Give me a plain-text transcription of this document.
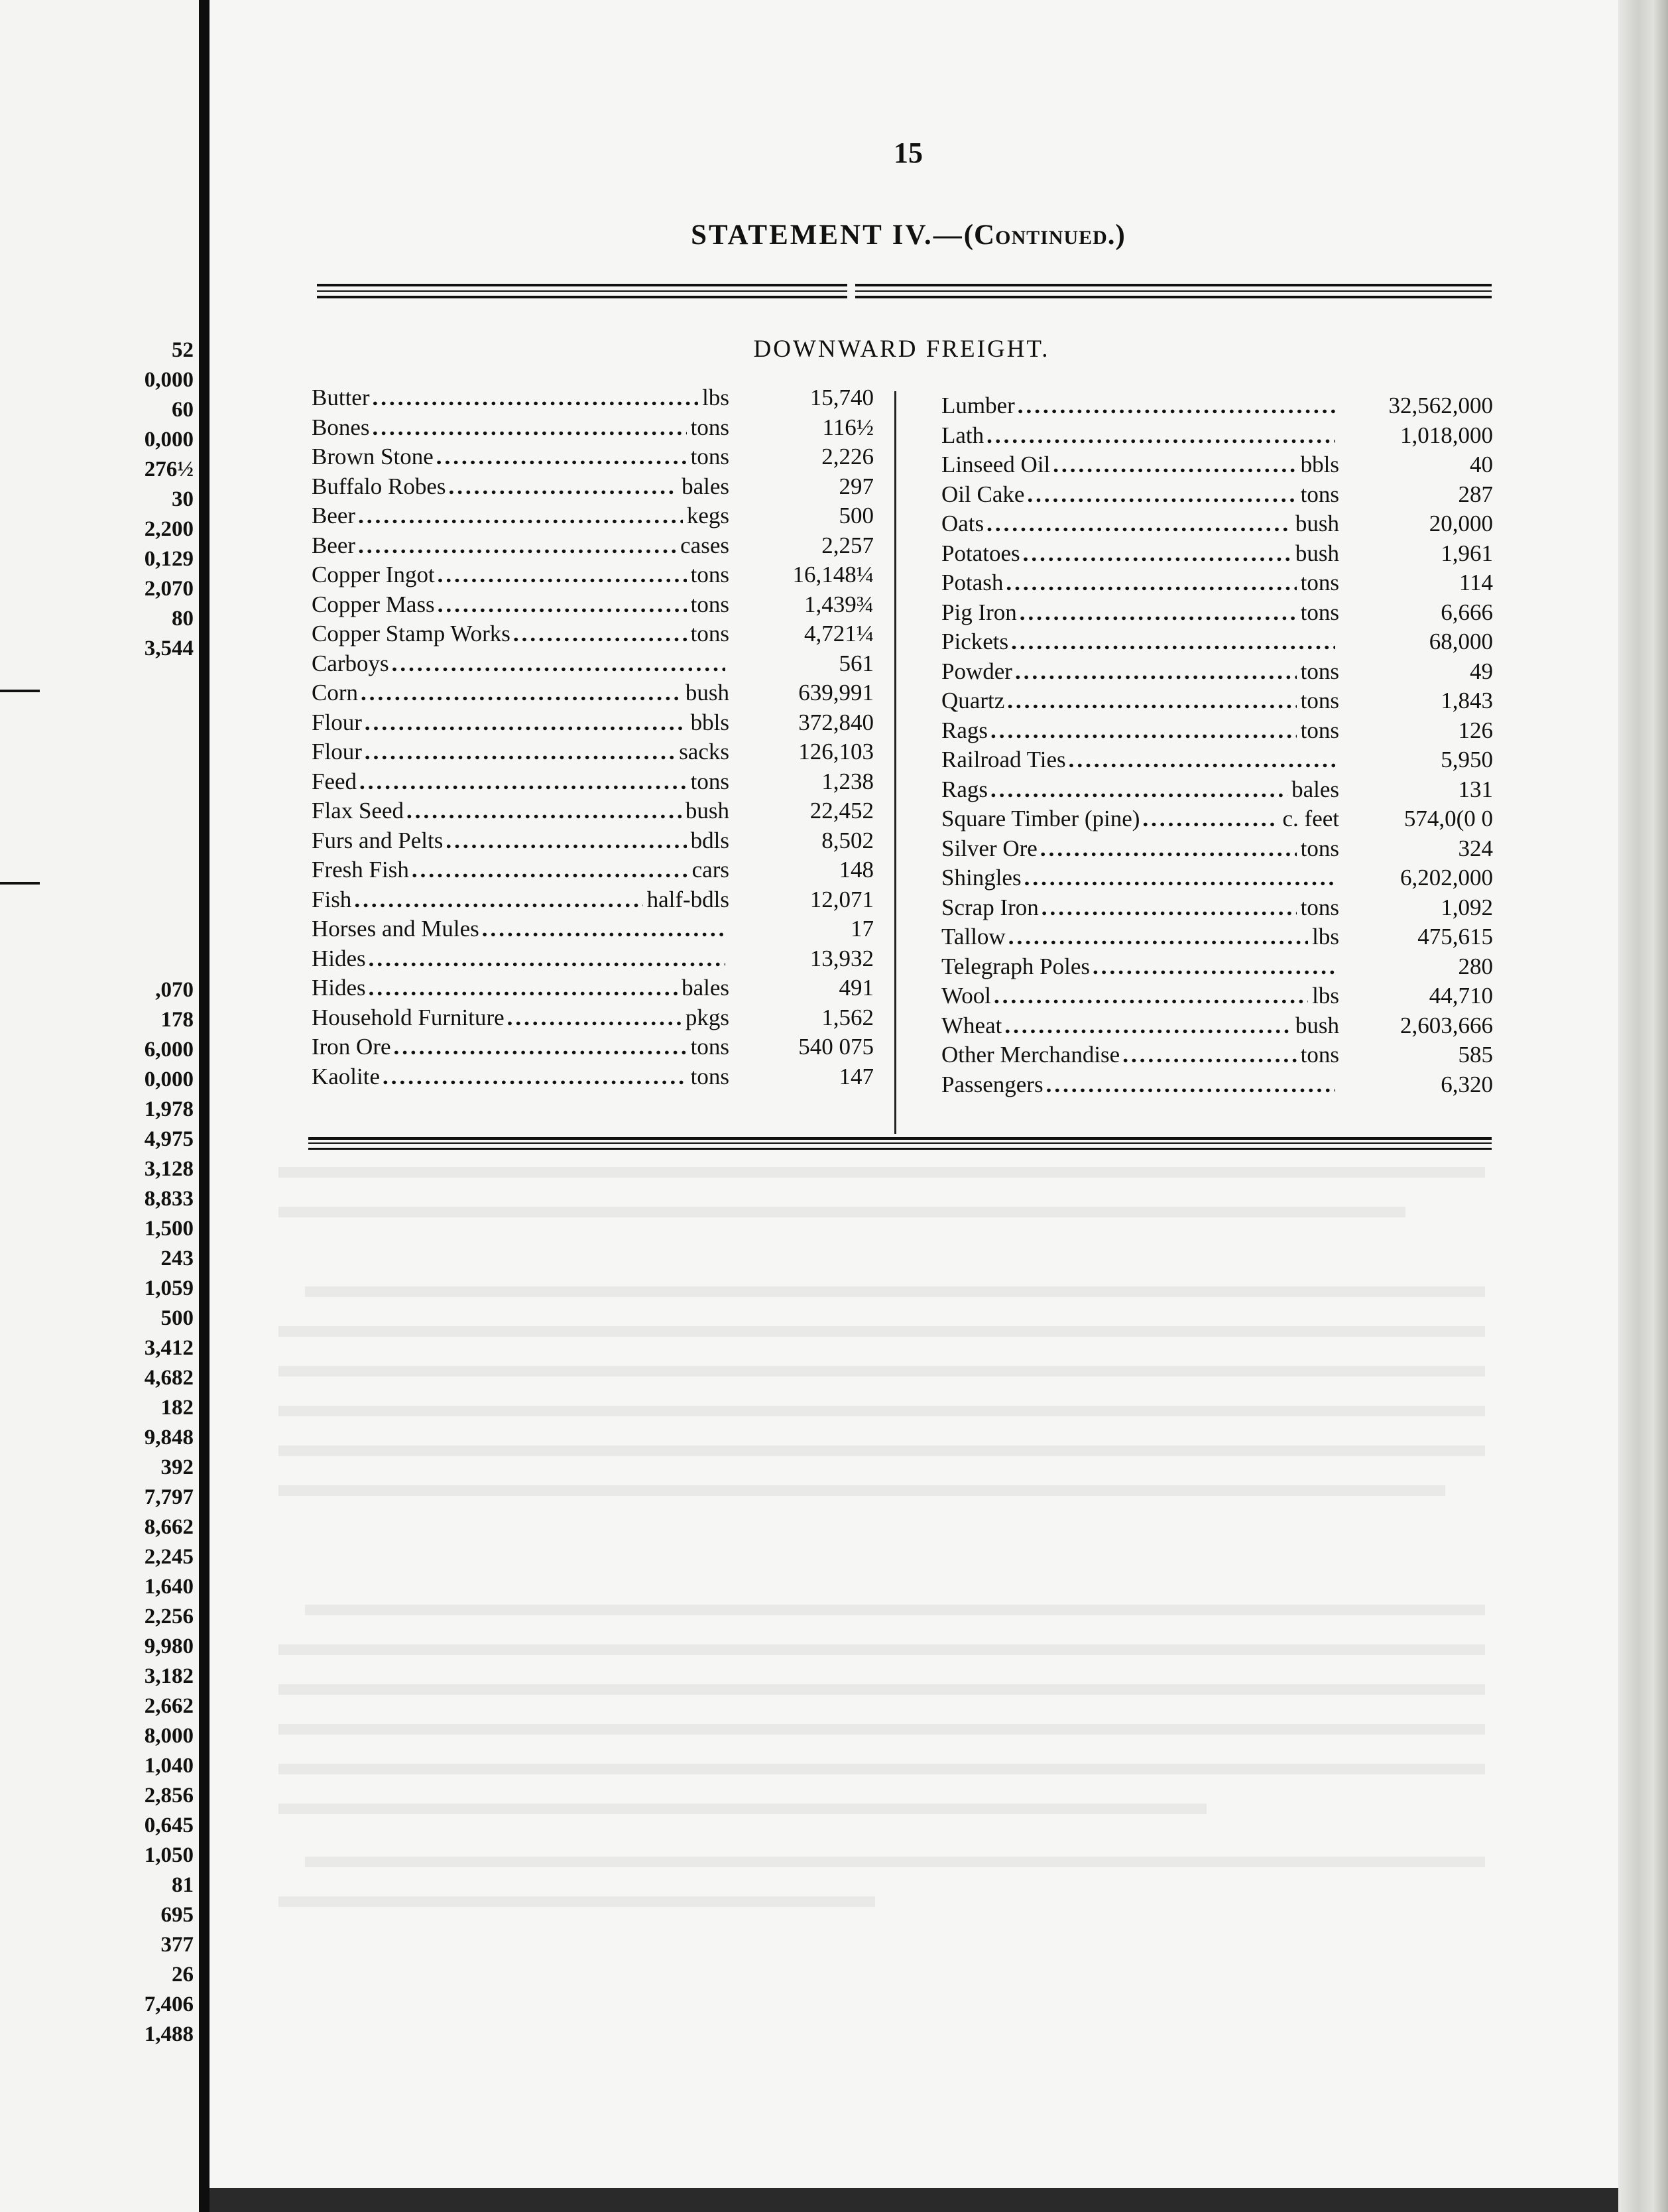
52
0,000
60
0,000
276½
30
2,200
0,129
2,070
80
3,544
,070
178
6,000
0,000
1,978
4,975
3,128
8,833
1,500
243
1,059
500
3,412
4,682
182
9,848
392
7,797
8,662
2,245
1,640
2,256
9,980
3,182
2,662
8,000
1,040
2,856
0,645
1,050
81
695
377
26
7,406
1,488
15
STATEMENT IV.—(Continued.)
DOWNWARD FREIGHT.
Butter .....	lbs	15,740
Bones .....	tons	116½
Brown Stone .....	tons	2,226
Buffalo Robes .....	bales	297
Beer .....	kegs	500
Beer .....	cases	2,257
Copper Ingot .....	tons	16,148¼
Copper Mass .....	tons	1,439¾
Copper Stamp Works .....	tons	4,721¼
Carboys .....	561
Corn .....	bush	639,991
Flour .....	bbls	372,840
Flour .....	sacks	126,103
Feed .....	tons	1,238
Flax Seed .....	bush	22,452
Furs and Pelts .....	bdls	8,502
Fresh Fish .....	cars	148
Fish .....	half-bdls	12,071
Horses and Mules .....	17
Hides .....	13,932
Hides .....	bales	491
Household Furniture .....	pkgs	1,562
Iron Ore .....	tons	540 075
Kaolite .....	tons	147
Lumber .....	32,562,000
Lath .....	1,018,000
Linseed Oil .....	bbls	40
Oil Cake .....	tons	287
Oats .....	bush	20,000
Potatoes .....	bush	1,961
Potash .....	tons	114
Pig Iron .....	tons	6,666
Pickets .....	68,000
Powder .....	tons	49
Quartz .....	tons	1,843
Rags .....	tons	126
Railroad Ties .....	5,950
Rags .....	bales	131
Square Timber (pine) .....	c. feet	574,0(0 0
Silver Ore .....	tons	324
Shingles .....	6,202,000
Scrap Iron .....	tons	1,092
Tallow .....	lbs	475,615
Telegraph Poles .....	280
Wool .....	lbs	44,710
Wheat .....	bush	2,603,666
Other Merchandise .....	tons	585
Passengers .....	6,320
